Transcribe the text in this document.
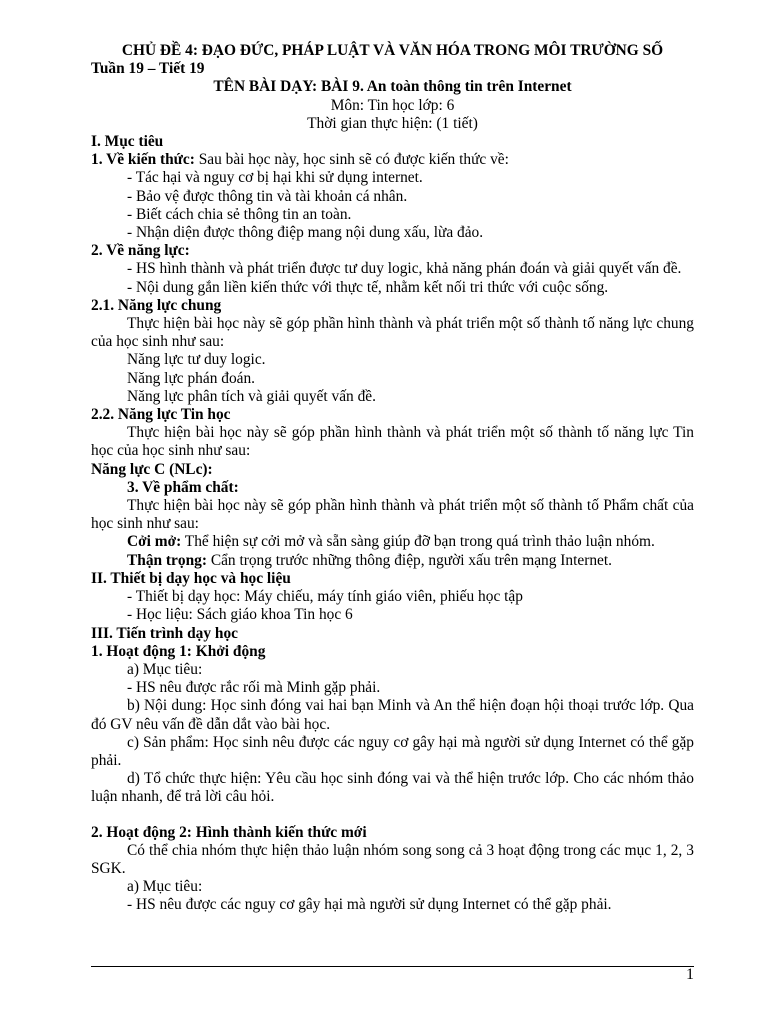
CHỦ ĐỀ 4: ĐẠO ĐỨC, PHÁP LUẬT VÀ VĂN HÓA TRONG MÔI TRƯỜNG SỐ

Tuần 19 – Tiết 19

TÊN BÀI DẠY: BÀI 9. An toàn thông tin trên Internet

Môn: Tin học lớp: 6

Thời gian thực hiện: (1 tiết)

I. Mục tiêu

1. Về kiến thức: Sau bài học này, học sinh sẽ có được kiến thức về:

- Tác hại và nguy cơ bị hại khi sử dụng internet.

- Bảo vệ được thông tin và tài khoản cá nhân.

- Biết cách chia sẻ thông tin an toàn.

- Nhận diện được thông điệp mang nội dung xấu, lừa đảo.

2. Về năng lực:

- HS hình thành và phát triển được tư duy logic, khả năng phán đoán và giải quyết vấn đề.

- Nội dung gắn liền kiến thức với thực tế, nhằm kết nối tri thức với cuộc sống.

2.1. Năng lực chung

Thực hiện bài học này sẽ góp phần hình thành và phát triển một số thành tố năng lực chung của học sinh như sau:

Năng lực tư duy logic.

Năng lực phán đoán.

Năng lực phân tích và giải quyết vấn đề.

2.2. Năng lực Tin học

Thực hiện bài học này sẽ góp phần hình thành và phát triển một số thành tố năng lực Tin học của học sinh như sau:

Năng lực C (NLc):

3. Về phẩm chất:

Thực hiện bài học này sẽ góp phần hình thành và phát triển một số thành tố Phẩm chất của học sinh như sau:

Cởi mở: Thể hiện sự cởi mở và sẵn sàng giúp đỡ bạn trong quá trình thảo luận nhóm.

Thận trọng: Cẩn trọng trước những thông điệp, người xấu trên mạng Internet.

II. Thiết bị dạy học và học liệu

- Thiết bị dạy học: Máy chiếu, máy tính giáo viên, phiếu học tập

- Học liệu: Sách giáo khoa Tin học 6

III. Tiến trình dạy học

1. Hoạt động 1: Khởi động

a) Mục tiêu:

- HS nêu được rắc rối mà Minh gặp phải.

b) Nội dung: Học sinh đóng vai hai bạn Minh và An thể hiện đoạn hội thoại trước lớp. Qua đó GV nêu vấn đề dẫn dắt vào bài học.

c) Sản phẩm: Học sinh nêu được các nguy cơ gây hại mà người sử dụng Internet có thể gặp phải.

d) Tổ chức thực hiện: Yêu cầu học sinh đóng vai và thể hiện trước lớp. Cho các nhóm thảo luận nhanh, để trả lời câu hỏi.

2. Hoạt động 2: Hình thành kiến thức mới

Có thể chia nhóm thực hiện thảo luận nhóm song song cả 3 hoạt động trong các mục 1, 2, 3 SGK.

a) Mục tiêu:

- HS nêu được các nguy cơ gây hại mà người sử dụng Internet có thể gặp phải.

1
